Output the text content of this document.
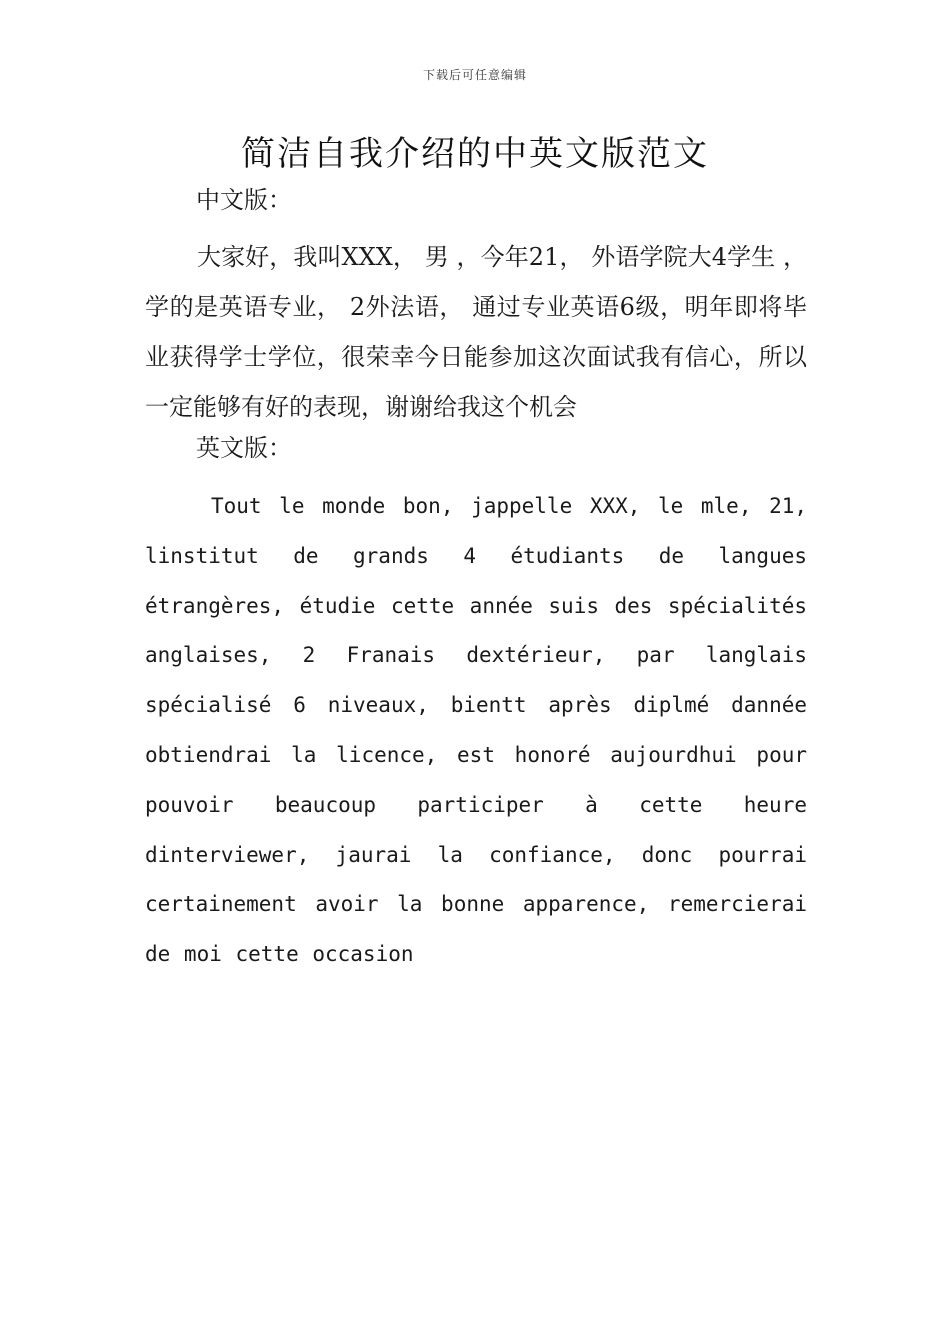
下载后可任意编辑
简洁自我介绍的中英文版范文
中文版：

大家好，我叫XXX， 男 ，今年21， 外语学院大4学生 ，学的是英语专业， 2外法语， 通过专业英语6级，明年即将毕业获得学士学位，很荣幸今日能参加这次面试我有信心，所以一定能够有好的表现，谢谢给我这个机会

英文版：

Tout le monde bon, jappelle XXX, le mle, 21, linstitut de grands 4 étudiants de langues étrangères, étudie cette année suis des spécialités anglaises, 2 Franais dextérieur, par langlais spécialisé 6 niveaux, bientt après diplmé dannée obtiendrai la licence, est honoré aujourdhui pour pouvoir beaucoup participer à cette heure dinterviewer, jaurai la confiance, donc pourrai certainement avoir la bonne apparence, remercierai de moi cette occasion
